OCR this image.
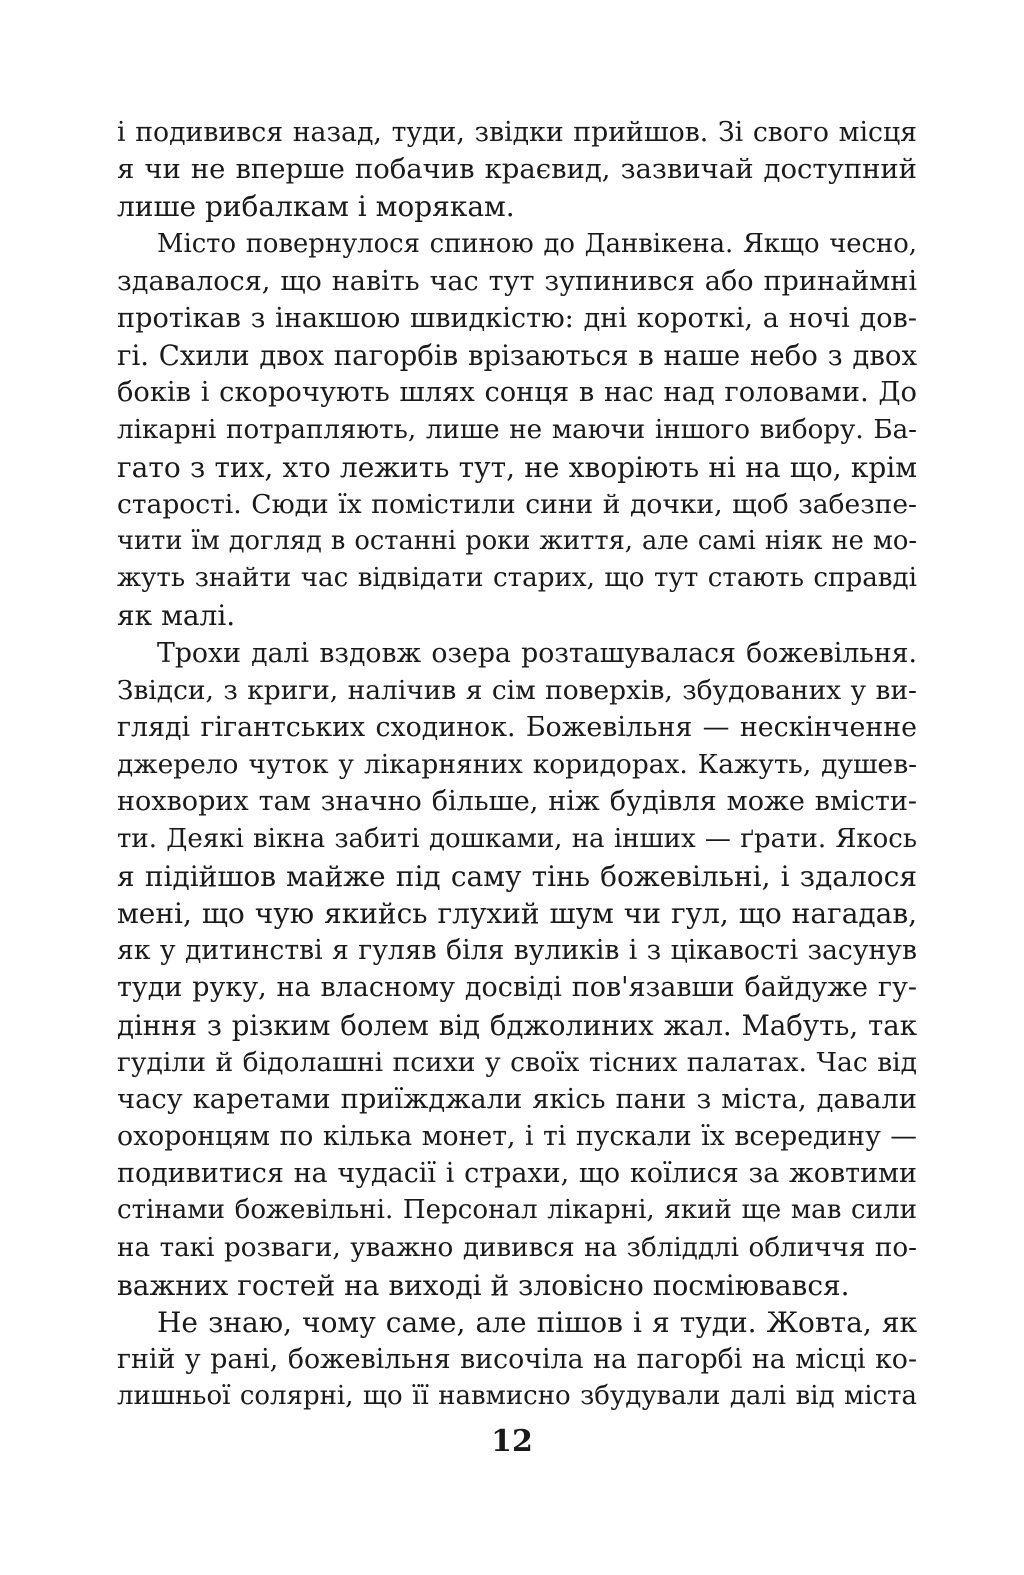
і подивився назад, туди, звідки прийшов. Зі свого місця
я чи не вперше побачив краєвид, зазвичай доступний
лише рибалкам і морякам.
Місто повернулося спиною до Данвікена. Якщо чесно,
здавалося, що навіть час тут зупинився або принаймні
протікав з інакшою швидкістю: дні короткі, а ночі дов-
гі. Схили двох пагорбів врізаються в наше небо з двох
боків і скорочують шлях сонця в нас над головами. До
лікарні потрапляють, лише не маючи іншого вибору. Ба-
гато з тих, хто лежить тут, не хворіють ні на що, крім
старості. Сюди їх помістили сини й дочки, щоб забезпе-
чити їм догляд в останні роки життя, але самі ніяк не мо-
жуть знайти час відвідати старих, що тут стають справді
як малі.
Трохи далі вздовж озера розташувалася божевільня.
Звідси, з криги, налічив я сім поверхів, збудованих у ви-
гляді гігантських сходинок. Божевільня — нескінченне
джерело чуток у лікарняних коридорах. Кажуть, душев-
нохворих там значно більше, ніж будівля може вмісти-
ти. Деякі вікна забиті дошками, на інших — ґрати. Якось
я підійшов майже під саму тінь божевільні, і здалося
мені, що чую якийсь глухий шум чи гул, що нагадав,
як у дитинстві я гуляв біля вуликів і з цікавості засунув
туди руку, на власному досвіді пов'язавши байдуже гу-
діння з різким болем від бджолиних жал. Мабуть, так
гуділи й бідолашні психи у своїх тісних палатах. Час від
часу каретами приїжджали якісь пани з міста, давали
охоронцям по кілька монет, і ті пускали їх всередину —
подивитися на чудасії і страхи, що коїлися за жовтими
стінами божевільні. Персонал лікарні, який ще мав сили
на такі розваги, уважно дивився на збліддлі обличчя по-
важних гостей на виході й зловісно посміювався.
Не знаю, чому саме, але пішов і я туди. Жовта, як
гній у рані, божевільня височіла на пагорбі на місці ко-
лишньої солярні, що її навмисно збудували далі від міста
12
